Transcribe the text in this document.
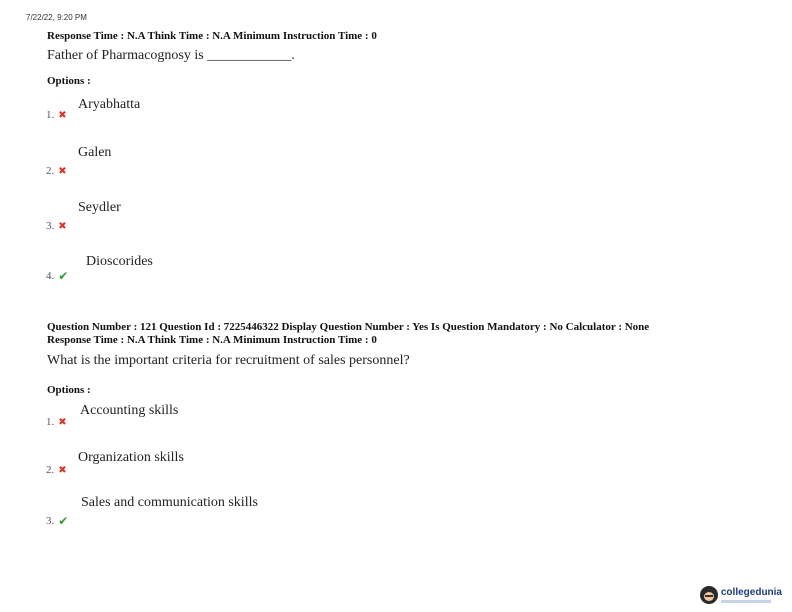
7/22/22, 9:20 PM
Response Time : N.A Think Time : N.A Minimum Instruction Time : 0
Father of Pharmacognosy is ____________.
Options :
Aryabhatta
1. ✖
Galen
2. ✖
Seydler
3. ✖
Dioscorides
4. ✔
Question Number : 121 Question Id : 7225446322 Display Question Number : Yes Is Question Mandatory : No Calculator : None
Response Time : N.A Think Time : N.A Minimum Instruction Time : 0
What is the important criteria for recruitment of sales personnel?
Options :
Accounting skills
1. ✖
Organization skills
2. ✖
Sales and communication skills
3. ✔
collegedunia
